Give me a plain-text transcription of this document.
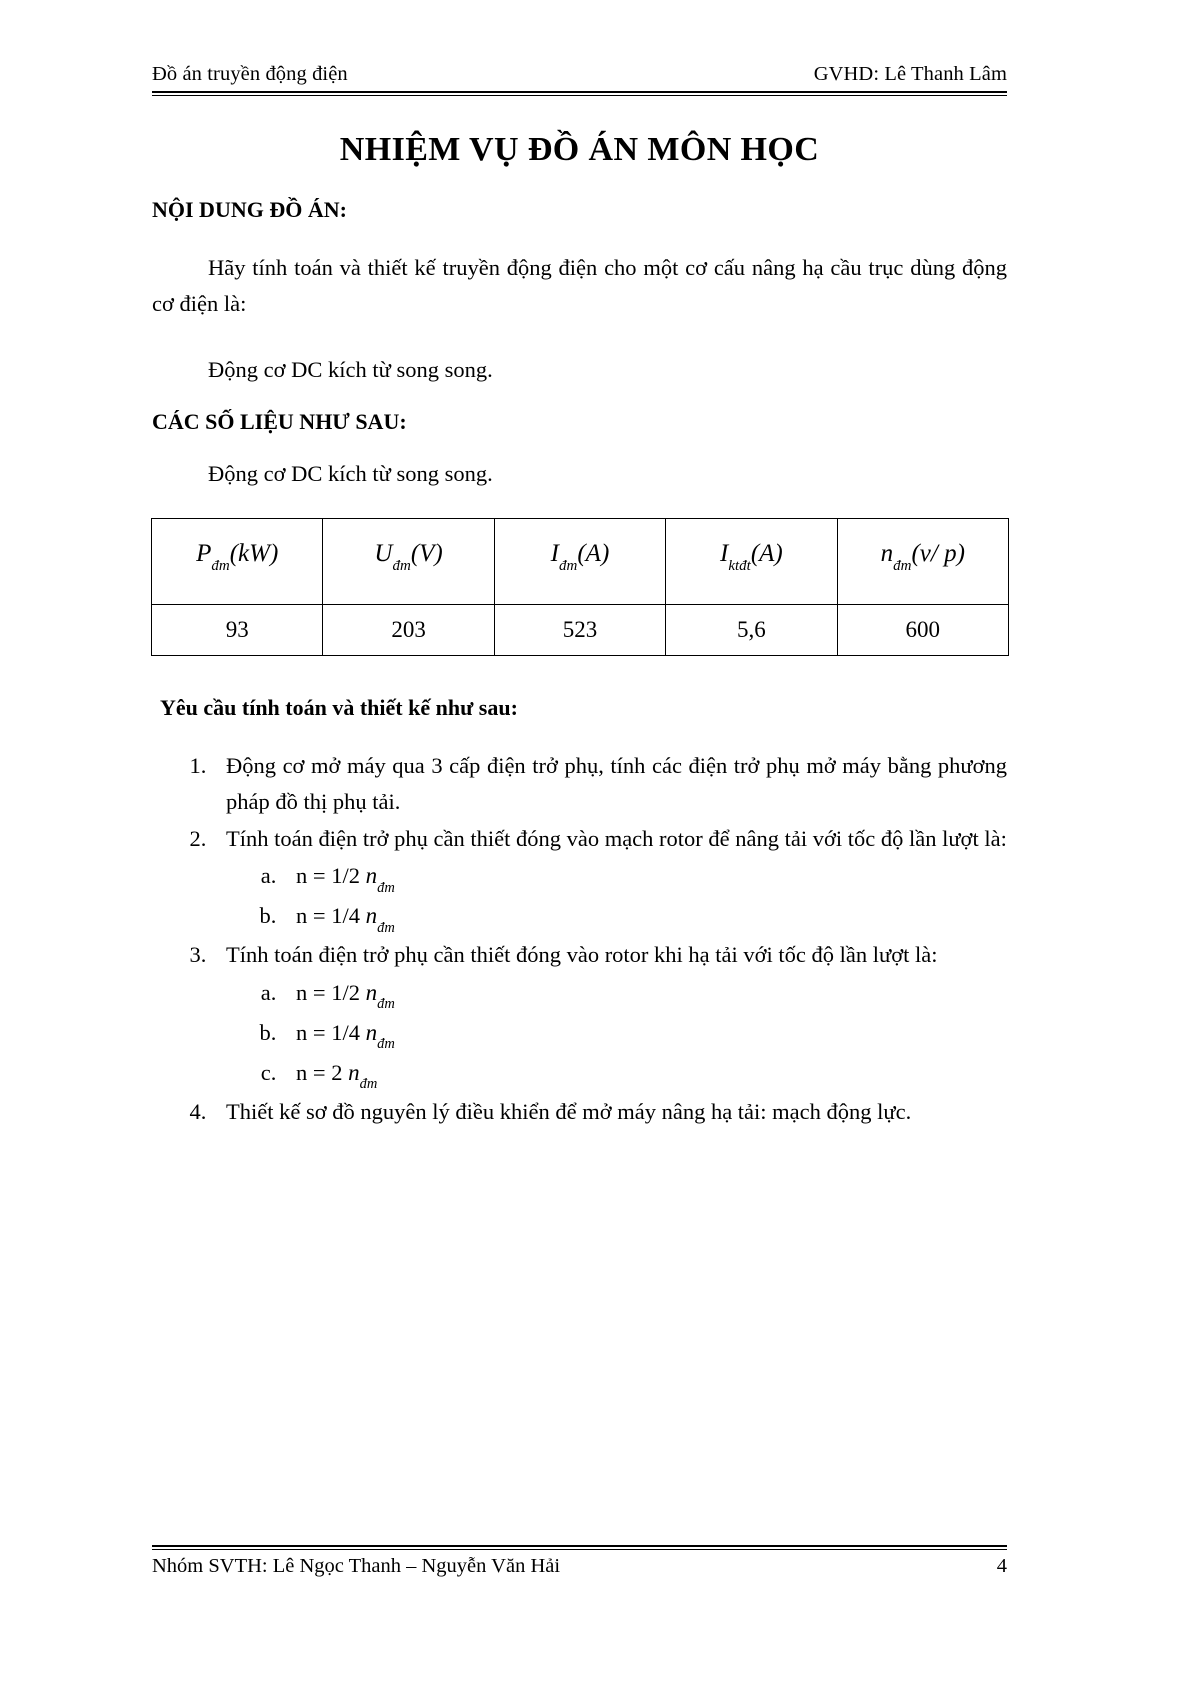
Đồ án truyền động điện	GVHD: Lê Thanh Lâm
NHIỆM VỤ ĐỒ ÁN MÔN HỌC
NỘI DUNG ĐỒ ÁN:
Hãy tính toán và thiết kế truyền động điện cho một cơ cấu nâng hạ cầu trục dùng động cơ điện là:
Động cơ DC kích từ song song.
CÁC SỐ LIỆU NHƯ SAU:
Động cơ DC kích từ song song.
$P_{đm}(kW)$	$U_{đm}(V)$	$I_{đm}(A)$	$I_{ktđt}(A)$	$n_{đm}(v/$ p)
93	203	523	5,6	600
Yêu cầu tính toán và thiết kế như sau:
1. Động cơ mở máy qua 3 cấp điện trở phụ, tính các điện trở phụ mở máy bằng phương pháp đồ thị phụ tải.
2. Tính toán điện trở phụ cần thiết đóng vào mạch rotor để nâng tải với tốc độ lần lượt là:
a. n = 1/2 $n_{đm}$
b. n = 1/4 $n_{đm}$
3. Tính toán điện trở phụ cần thiết đóng vào rotor khi hạ tải với tốc độ lần lượt là:
a. n = 1/2 $n_{đm}$
b. n = 1/4 $n_{đm}$
c. n = 2 $n_{đm}$
4. Thiết kế sơ đồ nguyên lý điều khiển để mở máy nâng hạ tải: mạch động lực.
Nhóm SVTH: Lê Ngọc Thanh – Nguyễn Văn Hải	4
